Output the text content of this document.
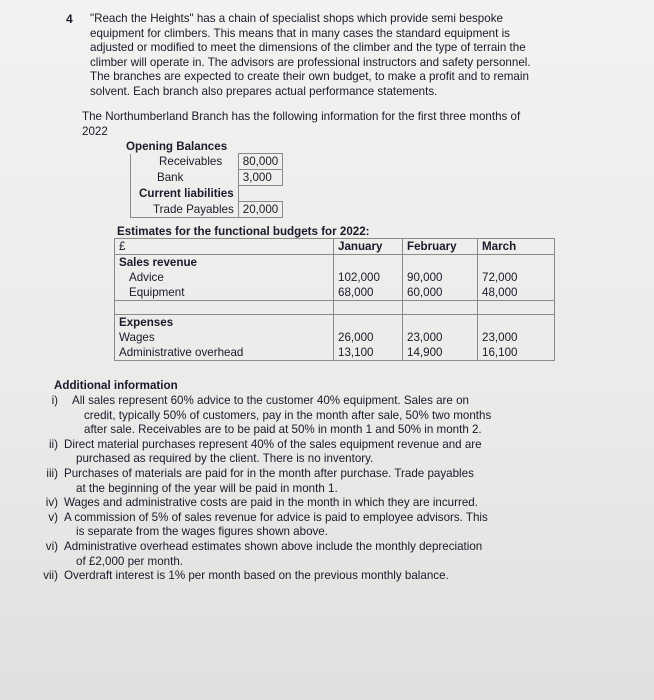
4 "Reach the Heights" has a chain of specialist shops which provide semi bespoke
equipment for climbers. This means that in many cases the standard equipment is
adjusted or modified to meet the dimensions of the climber and the type of terrain the
climber will operate in. The advisors are professional instructors and safety personnel.
The branches are expected to create their own budget, to make a profit and to remain
solvent. Each branch also prepares actual performance statements.
The Northumberland Branch has the following information for the first three months of
2022
Opening Balances
Receivables	80,000
Bank	3,000
Current liabilities	
Trade Payables	20,000
Estimates for the functional budgets for 2022:
£	January	February	March
Sales revenue			
Advice	102,000	90,000	72,000
Equipment	68,000	60,000	48,000

Expenses			
Wages	26,000	23,000	23,000
Administrative overhead	13,100	14,900	16,100
Additional information
i)	All sales represent 60% advice to the customer 40% equipment. Sales are on
credit, typically 50% of customers, pay in the month after sale, 50% two months
after sale. Receivables are to be paid at 50% in month 1 and 50% in month 2.
ii) Direct material purchases represent 40% of the sales equipment revenue and are
purchased as required by the client. There is no inventory.
iii) Purchases of materials are paid for in the month after purchase. Trade payables
at the beginning of the year will be paid in month 1.
iv) Wages and administrative costs are paid in the month in which they are incurred.
v) A commission of 5% of sales revenue for advice is paid to employee advisors. This
is separate from the wages figures shown above.
vi) Administrative overhead estimates shown above include the monthly depreciation
of £2,000 per month.
vii) Overdraft interest is 1% per month based on the previous monthly balance.
